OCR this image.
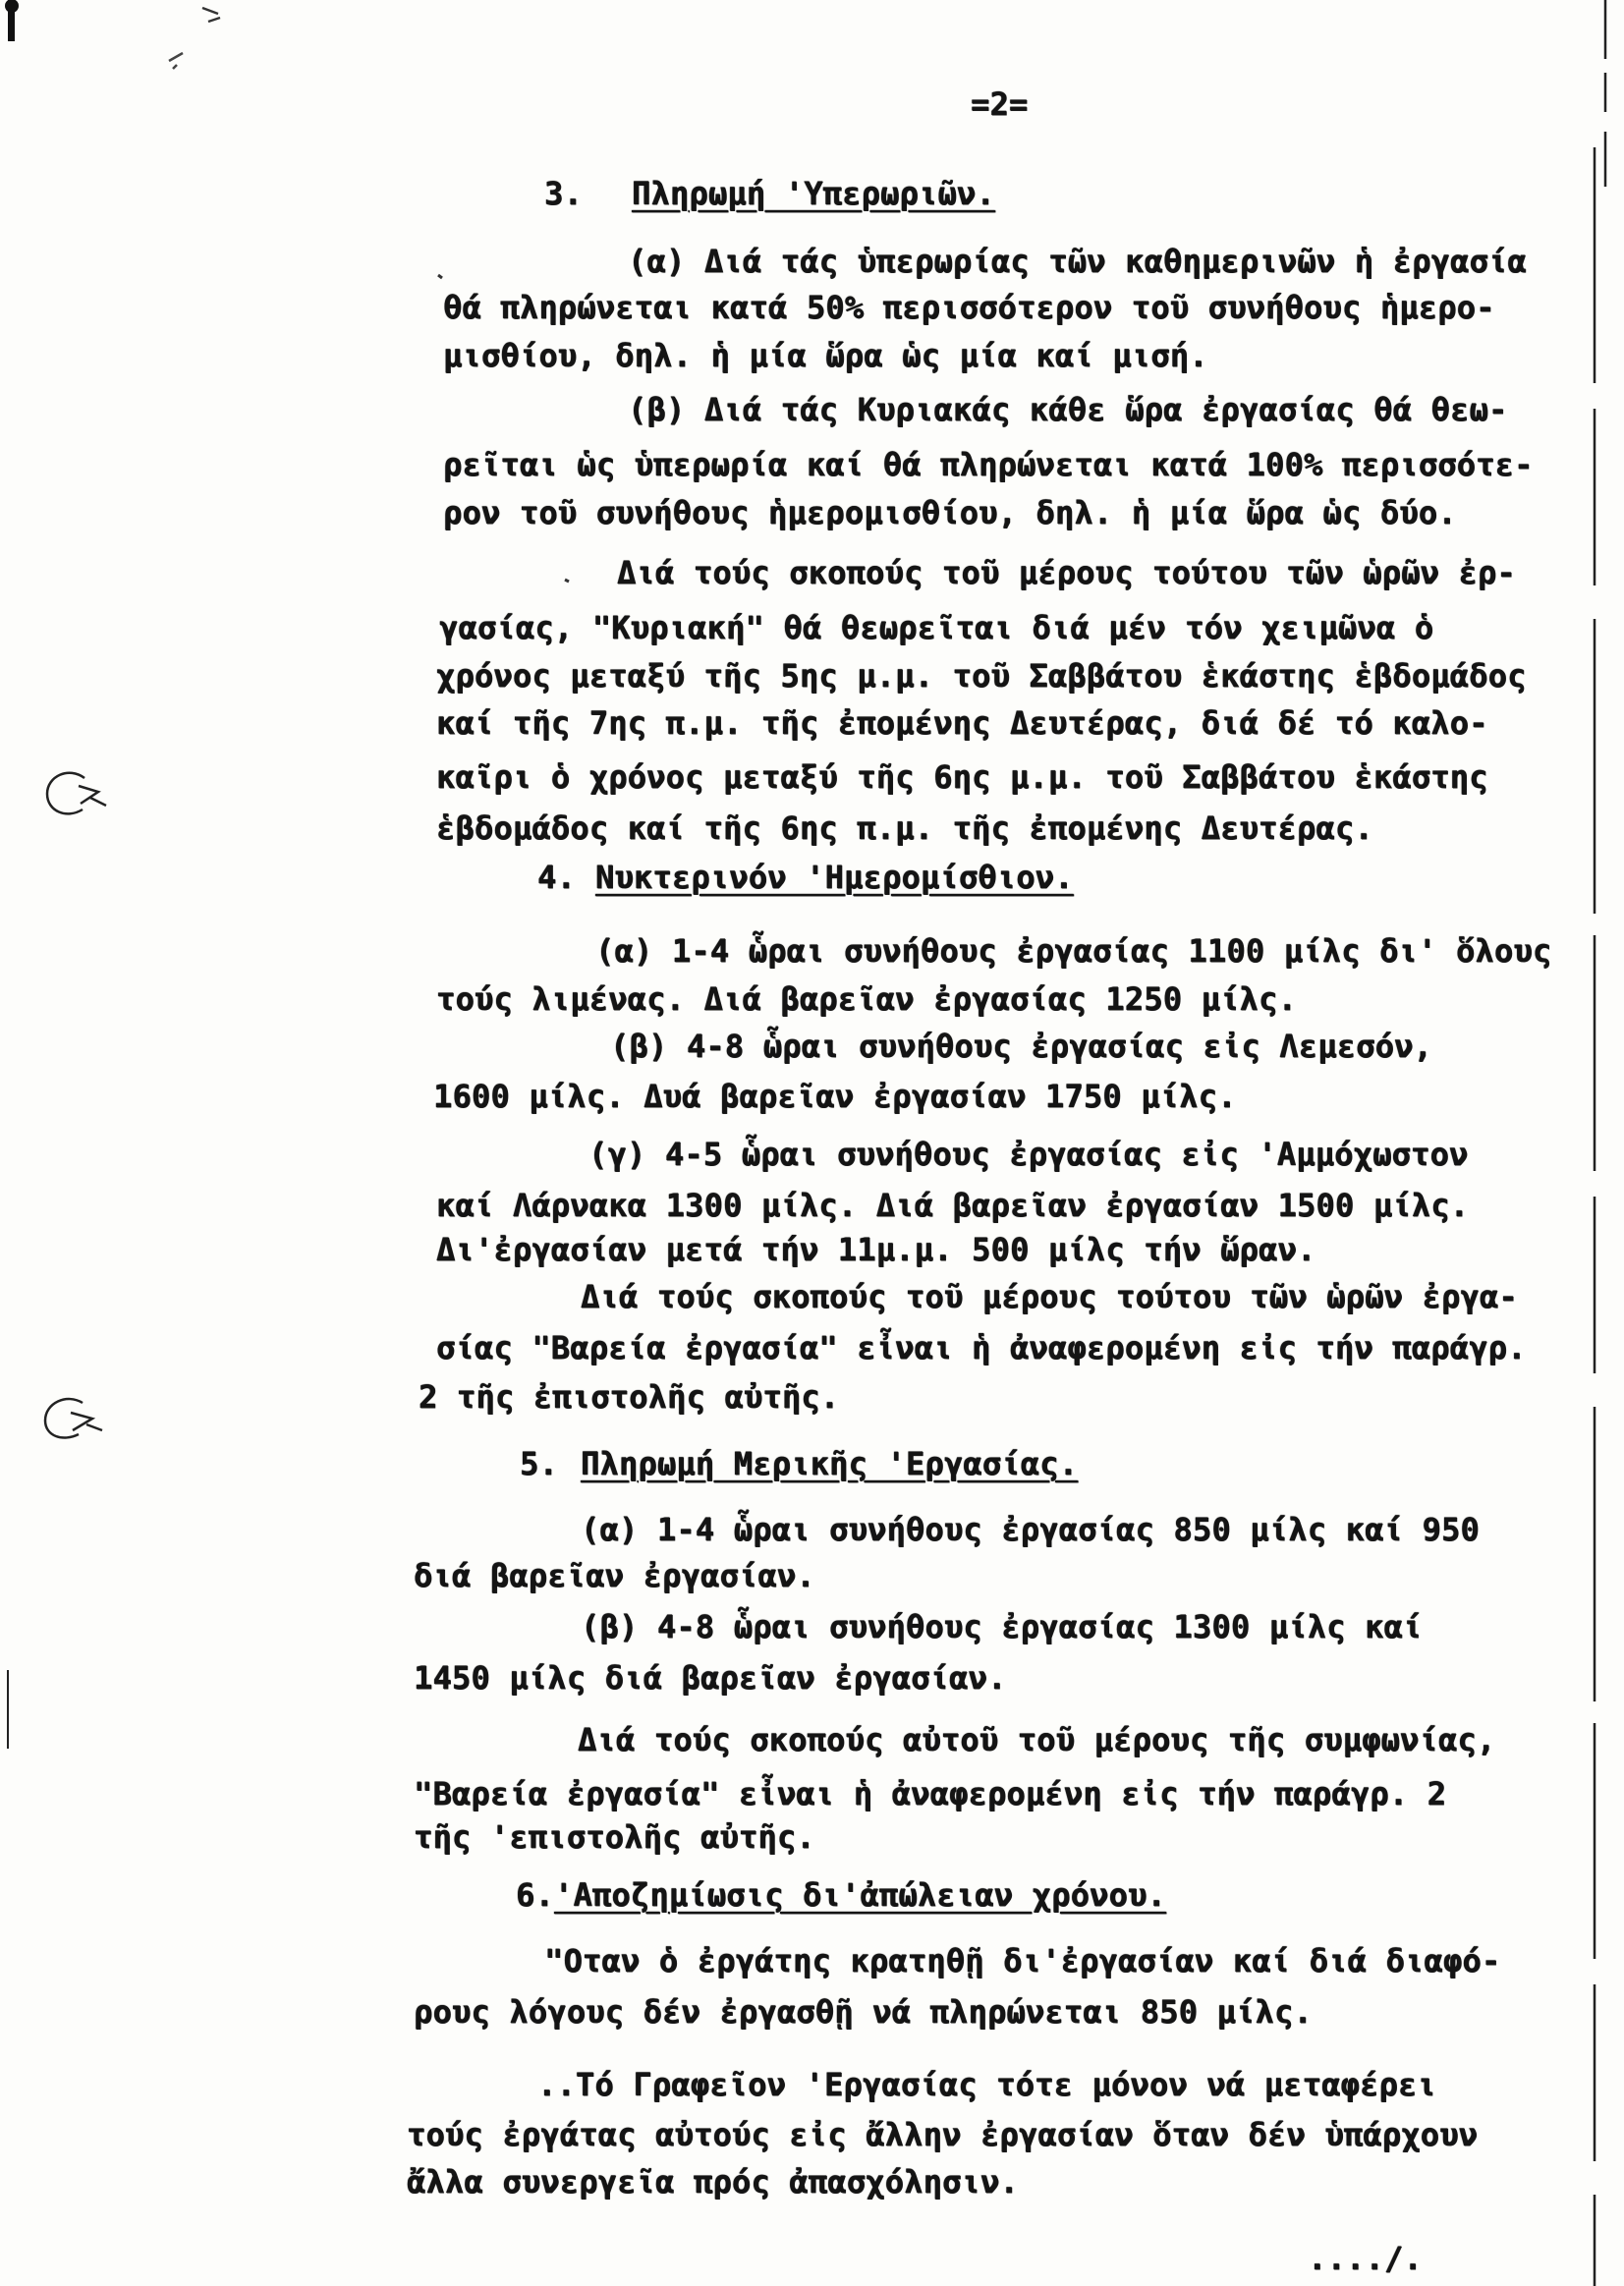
=2=
3. Πληρωμή 'Υπερωριῶν.
(α) Διά τάς ὑπερωρίας τῶν καθημερινῶν ἡ ἐργασία
θά πληρώνεται κατά 50% περισσότερον τοῦ συνήθους ἡμερο-
μισθίου, δηλ. ἡ μία ὥρα ὡς μία καί μισή.
(β) Διά τάς Κυριακάς κάθε ὥρα ἐργασίας θά θεω-
ρεῖται ὡς ὑπερωρία καί θά πληρώνεται κατά 100% περισσότε-
ρον τοῦ συνήθους ἡμερομισθίου, δηλ. ἡ μία ὥρα ὡς δύο.
Διά τούς σκοπούς τοῦ μέρους τούτου τῶν ὡρῶν ἐρ-
γασίας, "Κυριακή" θά θεωρεῖται διά μέν τόν χειμῶνα ὁ
χρόνος μεταξύ τῆς 5ης μ.μ. τοῦ Σαββάτου ἑκάστης ἑβδομάδος
καί τῆς 7ης π.μ. τῆς ἐπομένης Δευτέρας, διά δέ τό καλο-
καῖρι ὁ χρόνος μεταξύ τῆς 6ης μ.μ. τοῦ Σαββάτου ἑκάστης
ἑβδομάδος καί τῆς 6ης π.μ. τῆς ἐπομένης Δευτέρας.
4. Νυκτερινόν 'Ημερομίσθιον.
(α) 1-4 ὧραι συνήθους ἐργασίας 1100 μίλς δι' ὅλους
τούς λιμένας. Διά βαρεῖαν ἐργασίας 1250 μίλς.
(β) 4-8 ὧραι συνήθους ἐργασίας εἰς Λεμεσόν,
1600 μίλς. Δυά βαρεῖαν ἐργασίαν 1750 μίλς.
(γ) 4-5 ὧραι συνήθους ἐργασίας εἰς 'Αμμόχωστον
καί Λάρνακα 1300 μίλς. Διά βαρεῖαν ἐργασίαν 1500 μίλς.
Δι'ἐργασίαν μετά τήν 11μ.μ. 500 μίλς τήν ὥραν.
Διά τούς σκοπούς τοῦ μέρους τούτου τῶν ὡρῶν ἐργα-
σίας "Βαρεία ἐργασία" εἶναι ἡ ἀναφερομένη εἰς τήν παράγρ.
2 τῆς ἐπιστολῆς αὐτῆς.
5. Πληρωμή Μερικῆς 'Εργασίας.
(α) 1-4 ὧραι συνήθους ἐργασίας 850 μίλς καί 950
διά βαρεῖαν ἐργασίαν.
(β) 4-8 ὧραι συνήθους ἐργασίας 1300 μίλς καί
1450 μίλς διά βαρεῖαν ἐργασίαν.
Διά τούς σκοπούς αὐτοῦ τοῦ μέρους τῆς συμφωνίας,
"Βαρεία ἐργασία" εἶναι ἡ ἀναφερομένη εἰς τήν παράγρ. 2
τῆς 'επιστολῆς αὐτῆς.
6. 'Αποζημίωσις δι'ἀπώλειαν χρόνου.
"Οταν ὁ ἐργάτης κρατηθῇ δι'ἐργασίαν καί διά διαφό-
ρους λόγους δέν ἐργασθῇ νά πληρώνεται 850 μίλς.
..Τό Γραφεῖον 'Εργασίας τότε μόνον νά μεταφέρει
τούς ἐργάτας αὐτούς εἰς ἄλλην ἐργασίαν ὅταν δέν ὑπάρχουν
ἄλλα συνεργεῖα πρός ἀπασχόλησιν.
..../.
